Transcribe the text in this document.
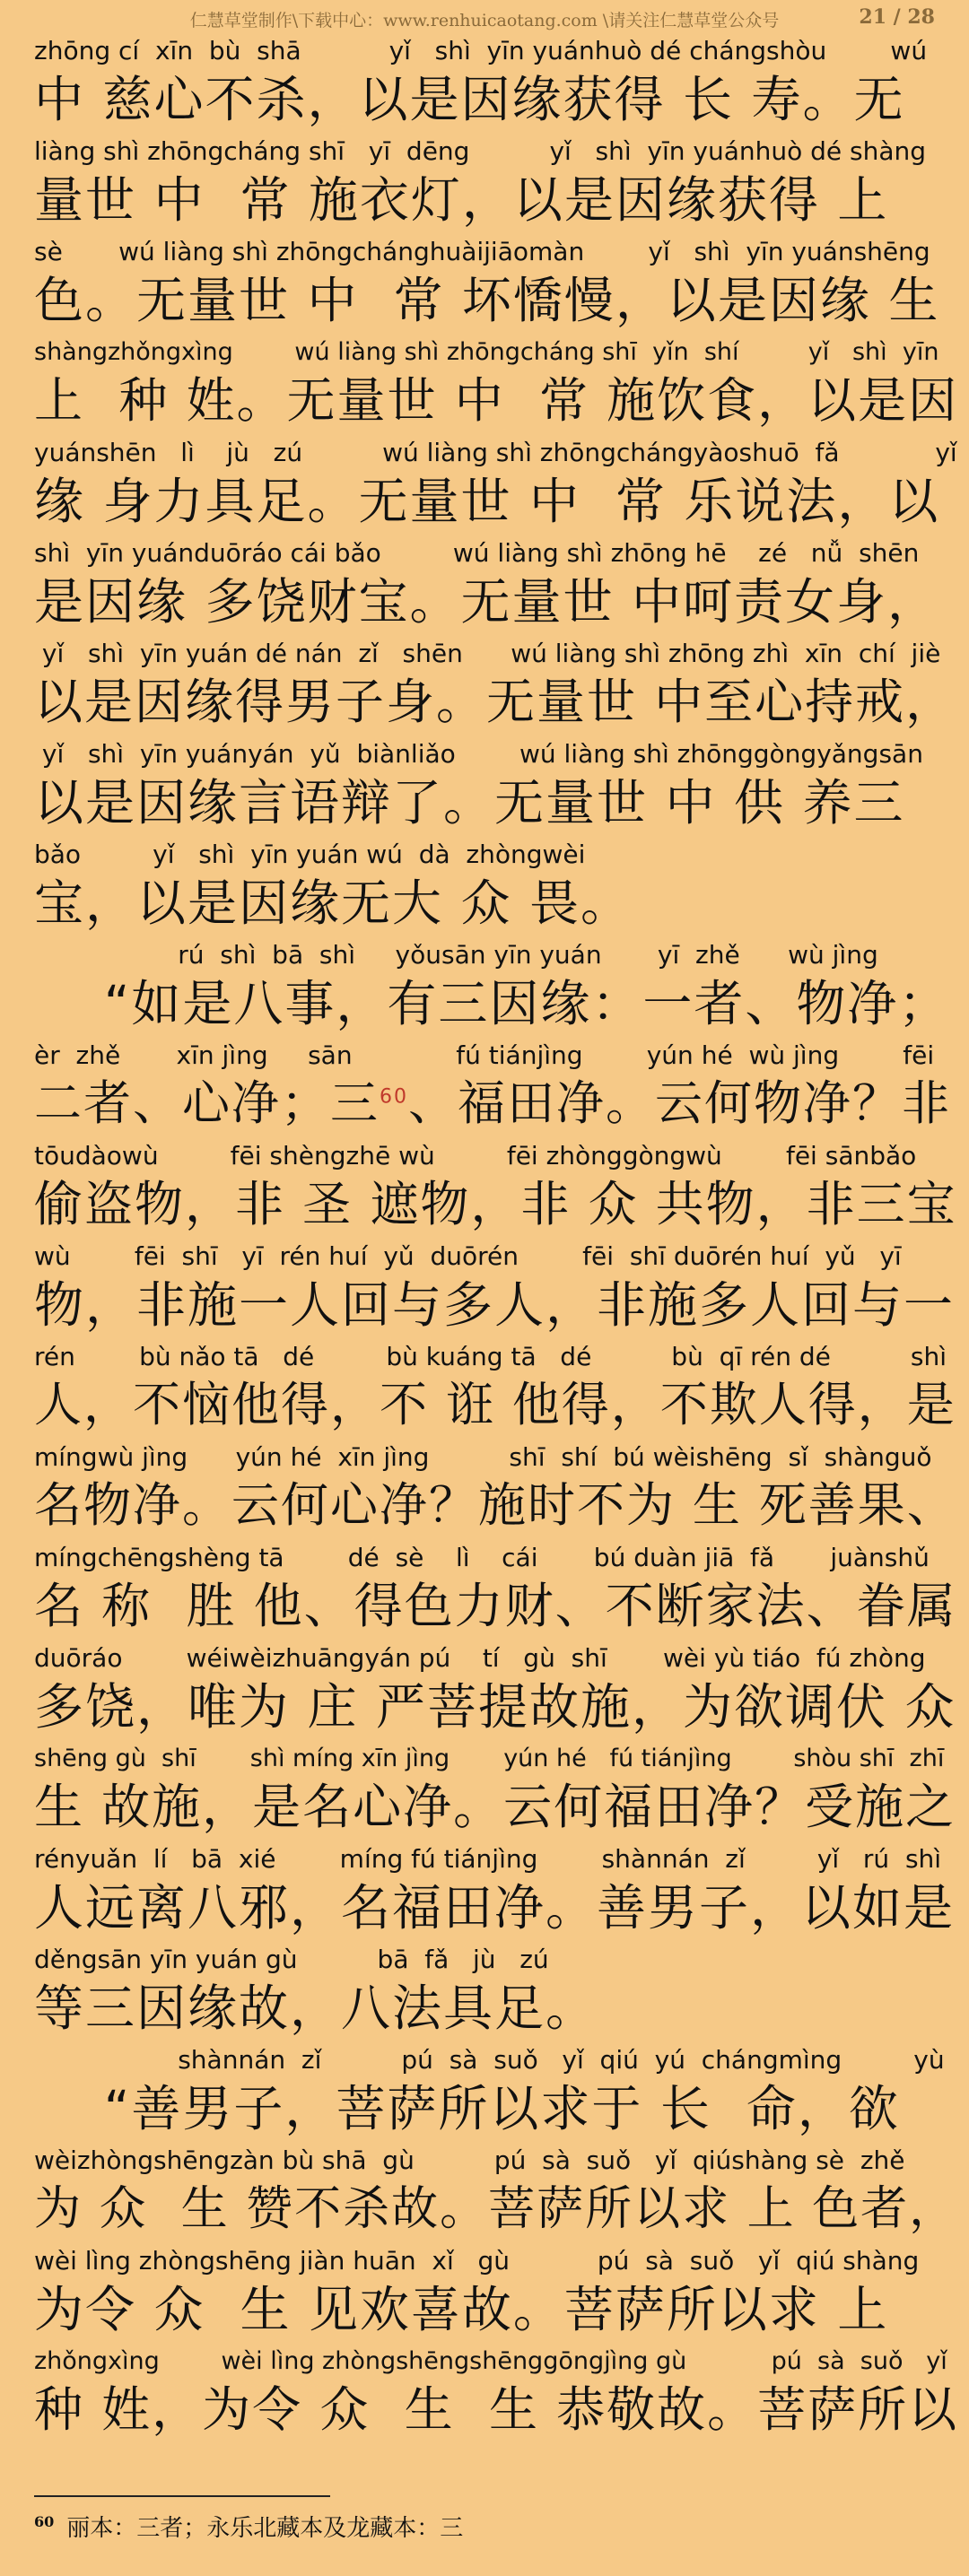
仁慧草堂制作\下载中心：www.renhuicaotang.com \请关注仁慧草堂公众号	21 / 28
zhōng cí  xīn  bù  shā           yǐ   shì  yīn yuánhuò dé chángshòu        wú
中 慈心不杀，以是因缘获得 长 寿。无
liàng shì zhōngcháng shī   yī  dēng          yǐ   shì  yīn yuánhuò dé shàng
量世 中  常 施衣灯，以是因缘获得 上
sè       wú liàng shì zhōngchánghuàijiāomàn        yǐ   shì  yīn yuánshēng
色。无量世 中  常 坏憍慢，以是因缘 生
shàngzhǒngxìng        wú liàng shì zhōngcháng shī  yǐn  shí         yǐ   shì  yīn
上  种 姓。无量世 中  常 施饮食，以是因
yuánshēn   lì    jù   zú          wú liàng shì zhōngchángyàoshuō  fǎ            yǐ
缘 身力具足。无量世 中  常 乐说法，以
shì  yīn yuánduōráo cái bǎo         wú liàng shì zhōng hē    zé   nǚ  shēn
是因缘 多饶财宝。无量世 中呵责女身，
yǐ   shì  yīn yuán dé nán  zǐ   shēn      wú liàng shì zhōng zhì  xīn  chí  jiè
以是因缘得男子身。无量世 中至心持戒，
yǐ   shì  yīn yuányán  yǔ  biànliǎo        wú liàng shì zhōnggòngyǎngsān
以是因缘言语辩了。无量世 中 供 养三
bǎo         yǐ   shì  yīn yuán wú  dà  zhòngwèi
宝，以是因缘无大 众 畏。
rú  shì  bā  shì     yǒusān yīn yuán       yī  zhě      wù jìng
“如是八事，有三因缘：一者、物净；
èr  zhě       xīn jìng     sān             fú tiánjìng        yún hé  wù jìng        fēi
二者、心净；三$^{60}$、福田净。云何物净？非
tōudàowù         fēi shèngzhē wù         fēi zhònggòngwù        fēi sānbǎo
偷盗物，非 圣 遮物，非 众 共物，非三宝
wù        fēi  shī   yī  rén huí  yǔ  duōrén        fēi  shī duōrén huí  yǔ   yī
物，非施一人回与多人，非施多人回与一
rén        bù nǎo tā   dé         bù kuáng tā   dé          bù  qī rén dé          shì
人，不恼他得，不 诳 他得，不欺人得，是
míngwù jìng      yún hé  xīn jìng          shī  shí  bú wèishēng  sǐ  shànguǒ
名物净。云何心净？施时不为 生 死善果、
míngchēngshèng tā        dé  sè    lì    cái       bú duàn jiā  fǎ       juànshǔ
名 称  胜 他、得色力财、不断家法、眷属
duōráo        wéiwèizhuāngyán pú    tí   gù  shī       wèi yù tiáo  fú zhòng
多饶，唯为 庄 严菩提故施，为欲调伏 众
shēng gù  shī       shì míng xīn jìng       yún hé   fú tiánjìng        shòu shī  zhī
生 故施，是名心净。云何福田净？受施之
rényuǎn  lí   bā  xié        míng fú tiánjìng        shànnán  zǐ         yǐ   rú  shì
人远离八邪，名福田净。善男子，以如是
děngsān yīn yuán gù          bā  fǎ   jù   zú
等三因缘故，八法具足。
shànnán  zǐ          pú  sà  suǒ   yǐ  qiú  yú  chángmìng         yù
“善男子，菩萨所以求于 长  命，欲
wèizhòngshēngzàn bù shā  gù          pú  sà  suǒ   yǐ  qiúshàng sè  zhě
为 众  生 赞不杀故。菩萨所以求 上 色者，
wèi lìng zhòngshēng jiàn huān  xǐ   gù           pú  sà  suǒ   yǐ  qiú shàng
为令 众  生 见欢喜故。菩萨所以求 上
zhǒngxìng        wèi lìng zhòngshēngshēnggōngjìng gù           pú  sà  suǒ   yǐ
种 姓，为令 众  生  生 恭敬故。菩萨所以
$^{60}$ 丽本：三者；永乐北藏本及龙藏本：三
